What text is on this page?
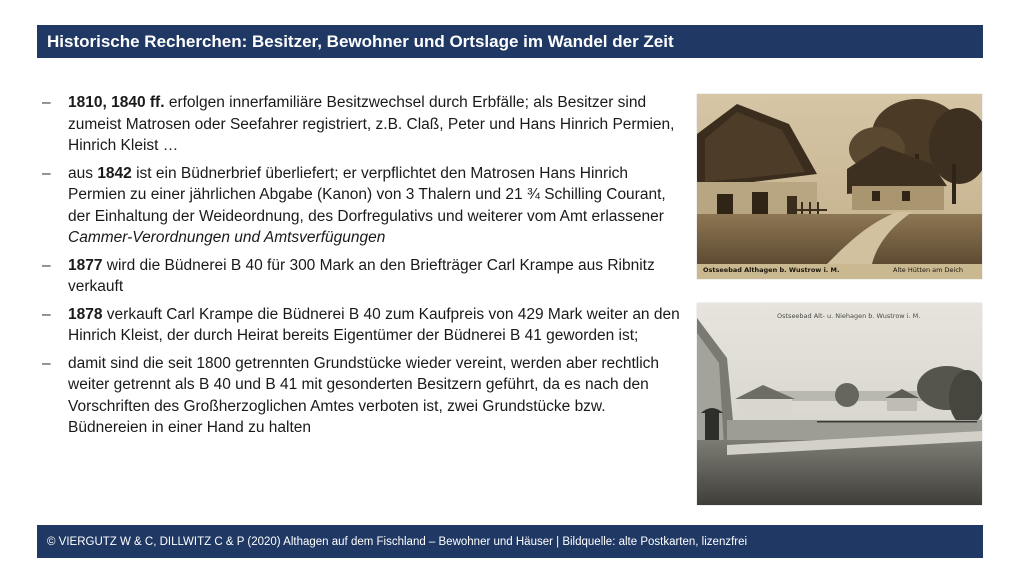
Historische Recherchen: Besitzer, Bewohner und Ortslage im Wandel der Zeit
– 1810, 1840 ff. erfolgen innerfamiliäre Besitzwechsel durch Erbfälle; als Besitzer sind zumeist Matrosen oder Seefahrer registriert, z.B. Claß, Peter und Hans Hinrich Permien, Hinrich Kleist …
– aus 1842 ist ein Büdnerbrief überliefert; er verpflichtet den Matrosen Hans Hinrich Permien zu einer jährlichen Abgabe (Kanon) von 3 Thalern und 21 ¾ Schilling Courant, der Einhaltung der Weideordnung, des Dorfregulativs und weiterer vom Amt erlassener Cammer-Verordnungen und Amtsverfügungen
– 1877 wird die Büdnerei B 40 für 300 Mark an den Briefträger Carl Krampe aus Ribnitz verkauft
– 1878 verkauft Carl Krampe die Büdnerei B 40 zum Kaufpreis von 429 Mark weiter an den Hinrich Kleist, der durch Heirat bereits Eigentümer der Büdnerei B 41 geworden ist;
– damit sind die seit 1800 getrennten Grundstücke wieder vereint, werden aber rechtlich weiter getrennt als B 40 und B 41 mit gesonderten Besitzern geführt, da es nach den Vorschriften des Großherzoglichen Amtes verboten ist, zwei Grundstücke bzw. Büdnereien in einer Hand zu halten
Ostseebad Althagen b. Wustrow i. M.	Alte Hütten am Deich
Ostseebad Alt- u. Niehagen b. Wustrow i. M.
© VIERGUTZ W & C, DILLWITZ C & P (2020) Althagen auf dem Fischland – Bewohner und Häuser | Bildquelle: alte Postkarten, lizenzfrei
